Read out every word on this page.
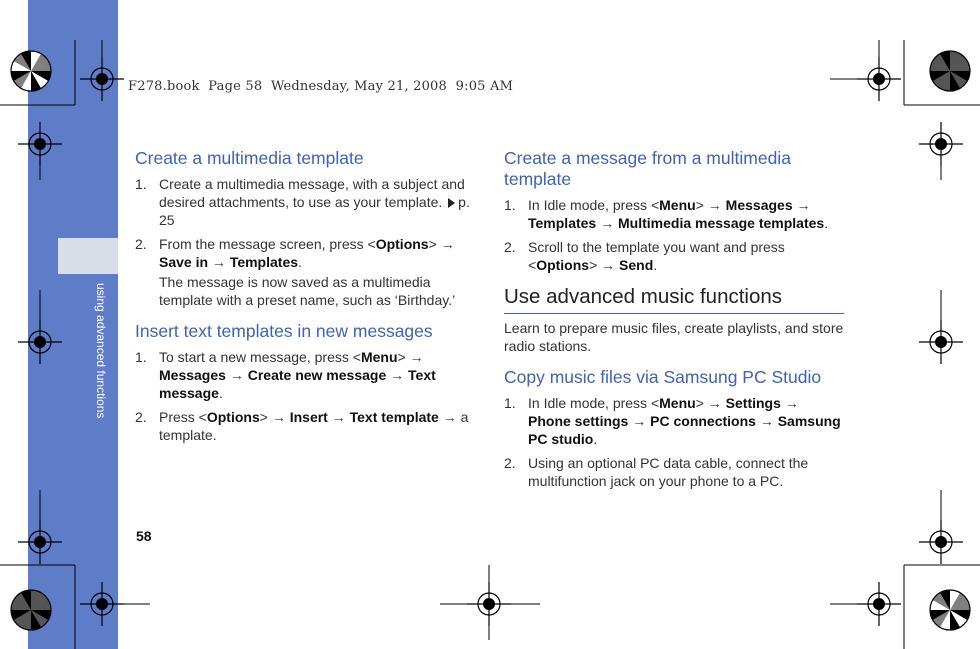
using advanced functions
F278.book  Page 58  Wednesday, May 21, 2008  9:05 AM
Create a multimedia template
1. Create a multimedia message, with a subject and desired attachments, to use as your template. p. 25
2. From the message screen, press <Options> → Save in → Templates.
The message is now saved as a multimedia template with a preset name, such as ‘Birthday.’
Insert text templates in new messages
1. To start a new message, press <Menu> → Messages → Create new message → Text message.
2. Press <Options> → Insert → Text template → a template.
Create a message from a multimedia template
1. In Idle mode, press <Menu> → Messages → Templates → Multimedia message templates.
2. Scroll to the template you want and press <Options> → Send.
Use advanced music functions
Learn to prepare music files, create playlists, and store radio stations.
Copy music files via Samsung PC Studio
1. In Idle mode, press <Menu> → Settings → Phone settings → PC connections → Samsung PC studio.
2. Using an optional PC data cable, connect the multifunction jack on your phone to a PC.
58
